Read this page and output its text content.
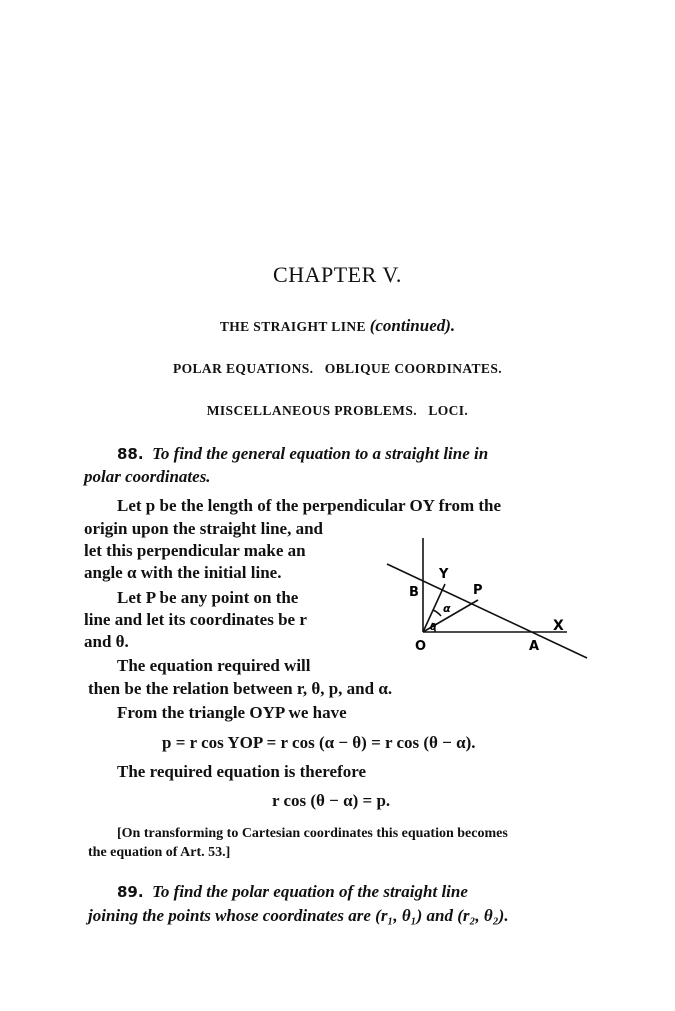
CHAPTER V.
THE STRAIGHT LINE (continued).
POLAR EQUATIONS.   OBLIQUE COORDINATES.
MISCELLANEOUS PROBLEMS.   LOCI.
88. To find the general equation to a straight line in
polar coordinates.
Let p be the length of the perpendicular OY from the
origin upon the straight line, and
let this perpendicular make an
angle α with the initial line.
Let P be any point on the
line and let its coordinates be r
and θ.
The equation required will
then be the relation between r, θ, p, and α.
From the triangle OYP we have
p = r cos YOP = r cos (α − θ) = r cos (θ − α).
The required equation is therefore
r cos (θ − α) = p.
[On transforming to Cartesian coordinates this equation becomes
the equation of Art. 53.]
89. To find the polar equation of the straight line
joining the points whose coordinates are (r₁, θ₁) and (r₂, θ₂).
B
Y
P
X
O	A
α
θ
